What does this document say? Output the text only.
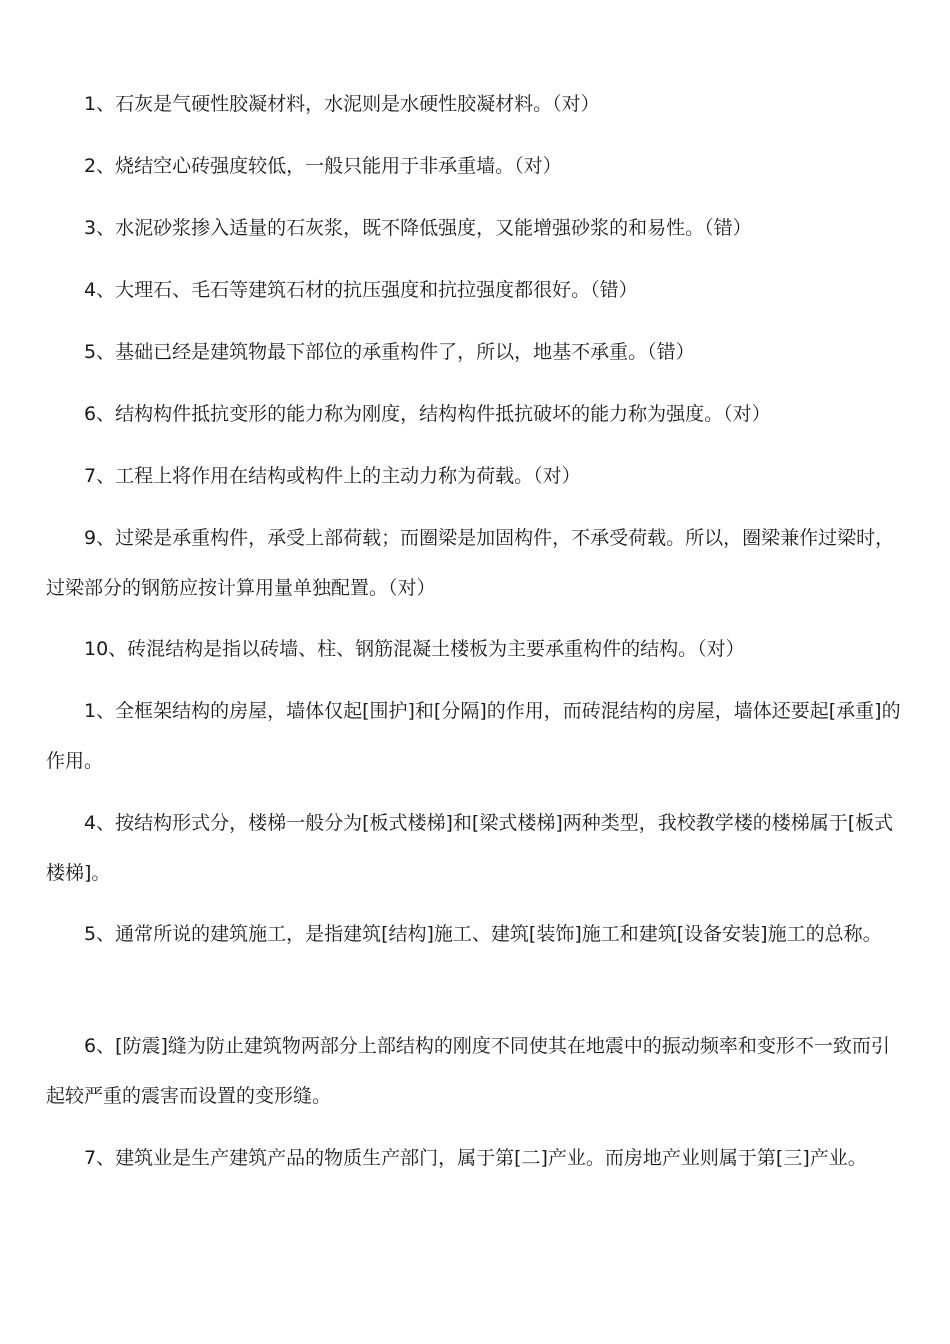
1、石灰是气硬性胶凝材料，水泥则是水硬性胶凝材料。（对）

2、烧结空心砖强度较低，一般只能用于非承重墙。（对）

3、水泥砂浆掺入适量的石灰浆，既不降低强度，又能增强砂浆的和易性。（错）

4、大理石、毛石等建筑石材的抗压强度和抗拉强度都很好。（错）

5、基础已经是建筑物最下部位的承重构件了，所以，地基不承重。（错）

6、结构构件抵抗变形的能力称为刚度，结构构件抵抗破坏的能力称为强度。（对）

7、工程上将作用在结构或构件上的主动力称为荷载。（对）

9、过梁是承重构件，承受上部荷载；而圈梁是加固构件，不承受荷载。所以，圈梁兼作过梁时，过梁部分的钢筋应按计算用量单独配置。（对）

10、砖混结构是指以砖墙、柱、钢筋混凝土楼板为主要承重构件的结构。（对）

1、全框架结构的房屋，墙体仅起[围护]和[分隔]的作用，而砖混结构的房屋，墙体还要起[承重]的作用。

4、按结构形式分，楼梯一般分为[板式楼梯]和[梁式楼梯]两种类型，我校教学楼的楼梯属于[板式楼梯]。

5、通常所说的建筑施工，是指建筑[结构]施工、建筑[装饰]施工和建筑[设备安装]施工的总称。

6、[防震]缝为防止建筑物两部分上部结构的刚度不同使其在地震中的振动频率和变形不一致而引起较严重的震害而设置的变形缝。

7、建筑业是生产建筑产品的物质生产部门，属于第[二]产业。而房地产业则属于第[三]产业。
